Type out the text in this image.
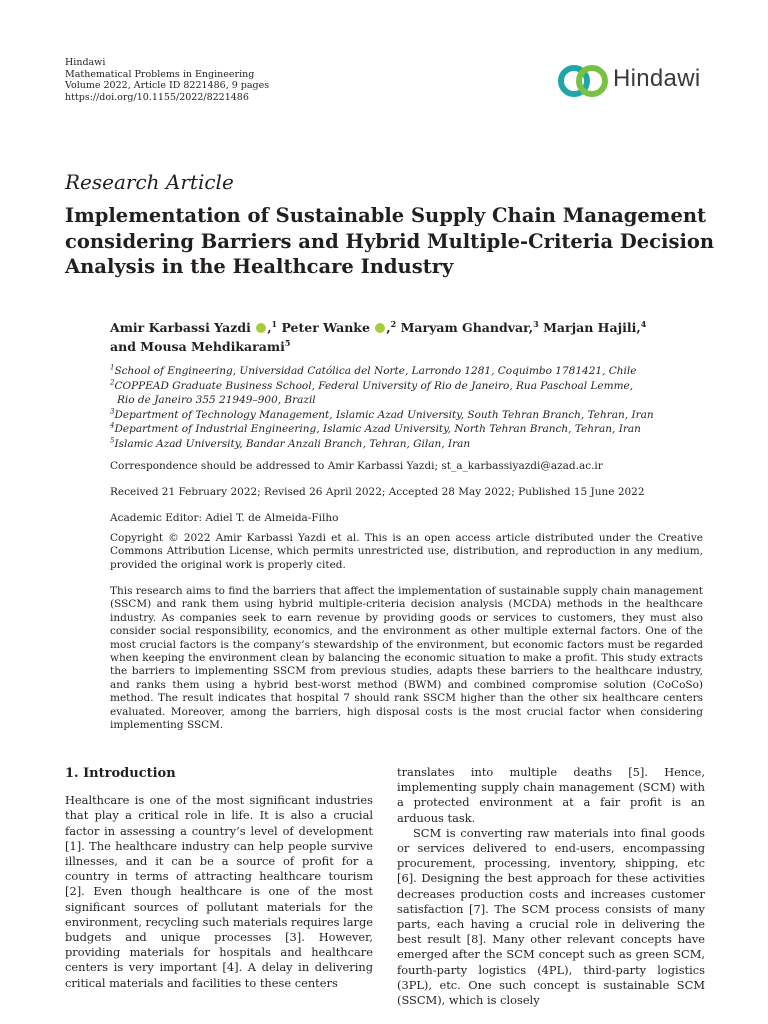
Hindawi
Mathematical Problems in Engineering
Volume 2022, Article ID 8221486, 9 pages
https://doi.org/10.1155/2022/8221486
Hindawi
Research Article
Implementation of Sustainable Supply Chain Management considering Barriers and Hybrid Multiple-Criteria Decision Analysis in the Healthcare Industry
Amir Karbassi Yazdi ,$^1$ Peter Wanke ,$^2$ Maryam Ghandvar,$^3$ Marjan Hajili,$^4$
and Mousa Mehdikarami$^5$
$^1$School of Engineering, Universidad Católica del Norte, Larrondo 1281, Coquimbo 1781421, Chile
$^2$COPPEAD Graduate Business School, Federal University of Rio de Janeiro, Rua Paschoal Lemme,
Rio de Janeiro 355 21949–900, Brazil
$^3$Department of Technology Management, Islamic Azad University, South Tehran Branch, Tehran, Iran
$^4$Department of Industrial Engineering, Islamic Azad University, North Tehran Branch, Tehran, Iran
$^5$Islamic Azad University, Bandar Anzali Branch, Tehran, Gilan, Iran
Correspondence should be addressed to Amir Karbassi Yazdi; st_a_karbassiyazdi@azad.ac.ir
Received 21 February 2022; Revised 26 April 2022; Accepted 28 May 2022; Published 15 June 2022
Academic Editor: Adiel T. de Almeida-Filho
Copyright © 2022 Amir Karbassi Yazdi et al. This is an open access article distributed under the Creative Commons Attribution License, which permits unrestricted use, distribution, and reproduction in any medium, provided the original work is properly cited.
This research aims to find the barriers that affect the implementation of sustainable supply chain management (SSCM) and rank them using hybrid multiple-criteria decision analysis (MCDA) methods in the healthcare industry. As companies seek to earn revenue by providing goods or services to customers, they must also consider social responsibility, economics, and the environment as other multiple external factors. One of the most crucial factors is the company’s stewardship of the environment, but economic factors must be regarded when keeping the environment clean by balancing the economic situation to make a profit. This study extracts the barriers to implementing SSCM from previous studies, adapts these barriers to the healthcare industry, and ranks them using a hybrid best-worst method (BWM) and combined compromise solution (CoCoSo) method. The result indicates that hospital 7 should rank SSCM higher than the other six healthcare centers evaluated. Moreover, among the barriers, high disposal costs is the most crucial factor when considering implementing SSCM.
1. Introduction

Healthcare is one of the most significant industries that play a critical role in life. It is also a crucial factor in assessing a country’s level of development [1]. The healthcare industry can help people survive illnesses, and it can be a source of profit for a country in terms of attracting healthcare tourism [2]. Even though healthcare is one of the most significant sources of pollutant materials for the environment, recycling such materials requires large budgets and unique processes [3]. However, providing materials for hospitals and healthcare centers is very important [4]. A delay in delivering critical materials and facilities to these centers

translates into multiple deaths [5]. Hence, implementing supply chain management (SCM) with a protected environment at a fair profit is an arduous task.

SCM is converting raw materials into final goods or services delivered to end-users, encompassing procurement, processing, inventory, shipping, etc [6]. Designing the best approach for these activities decreases production costs and increases customer satisfaction [7]. The SCM process consists of many parts, each having a crucial role in delivering the best result [8]. Many other relevant concepts have emerged after the SCM concept such as green SCM, fourth-party logistics (4PL), third-party logistics (3PL), etc. One such concept is sustainable SCM (SSCM), which is closely
